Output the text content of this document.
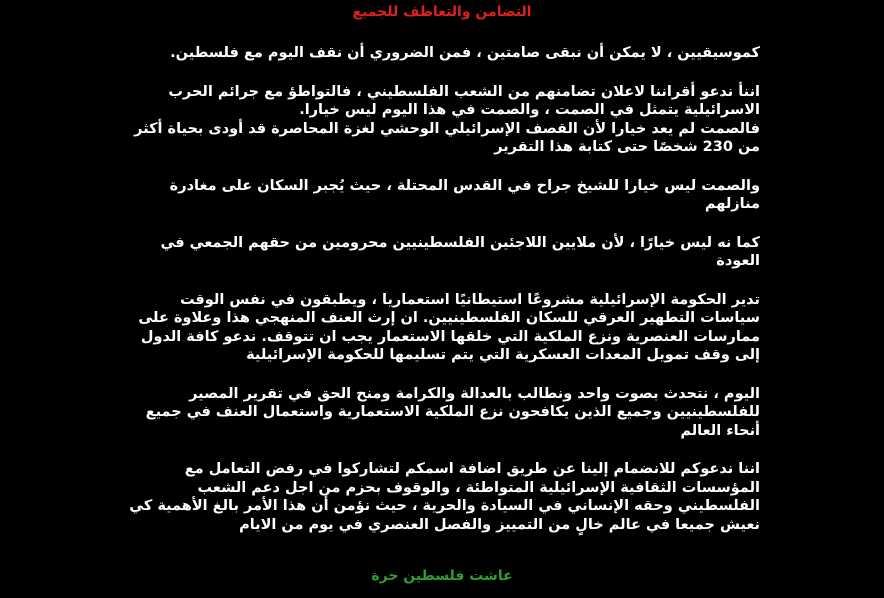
التضامن والتعاطف للجميع

كموسيقيين ، لا يمكن أن نبقى صامتين ، فمن الضروري أن نقف اليوم مع فلسطين.

اننأ ندعو أقراننا لاعلان تضامنهم من الشعب الفلسطيني ، فالتواطؤ مع جرائم الحرب الاسرائيلية يتمثل في الصمت ، والصمت في هذا اليوم ليس خيارا.
فالصمت لم يعد خيارا لأن القصف الإسرائيلي الوحشي لغزة المحاصرة قد أودى بحياة أكثر من 230 شخصًا حتى كتابة هذا التقرير

والصمت ليس خيارا للشيخ جراح في القدس المحتلة ، حيث يُجبر السكان على مغادرة منازلهم

كما نه ليس خيارًا ، لأن ملايين اللاجئين الفلسطينيين محرومين من حقهم الجمعي في العودة

تدير الحكومة الإسرائيلية مشروعًا استيطانيًا استعماريا ، ويطبقون في نفس الوقت سياسات التطهير العرقي للسكان الفلسطينيين. ان إرث العنف المنهجي هذا وعلاوة على ممارسات العنصرية ونزع الملكية التي خلقها الاستعمار يجب ان تتوقف. ندعو كافة الدول إلى وقف تمويل المعدات العسكرية التي يتم تسليمها للحكومة الإسرائيلية

اليوم ، نتحدث بصوت واحد ونطالب بالعدالة والكرامة ومنح الحق في تقرير المصير للفلسطينيين وجميع الذين يكافحون نزع الملكية الاستعمارية واستعمال العنف في جميع أنحاء العالم

اننا ندعوكم للانضمام إلينا عن طريق اضافة اسمكم لتشاركوا في رفض التعامل مع المؤسسات الثقافية الإسرائيلية المتواطئة ، والوقوف بحزم من اجل دعم الشعب الفلسطيني وحقه الإنساني في السيادة والحرية ، حيث نؤمن أن هذا الأمر بالغ الأهمية كي نعيش جميعا في عالم خالٍ من التمييز والفصل العنصري في يوم من الايام

عاشت فلسطين حرة
